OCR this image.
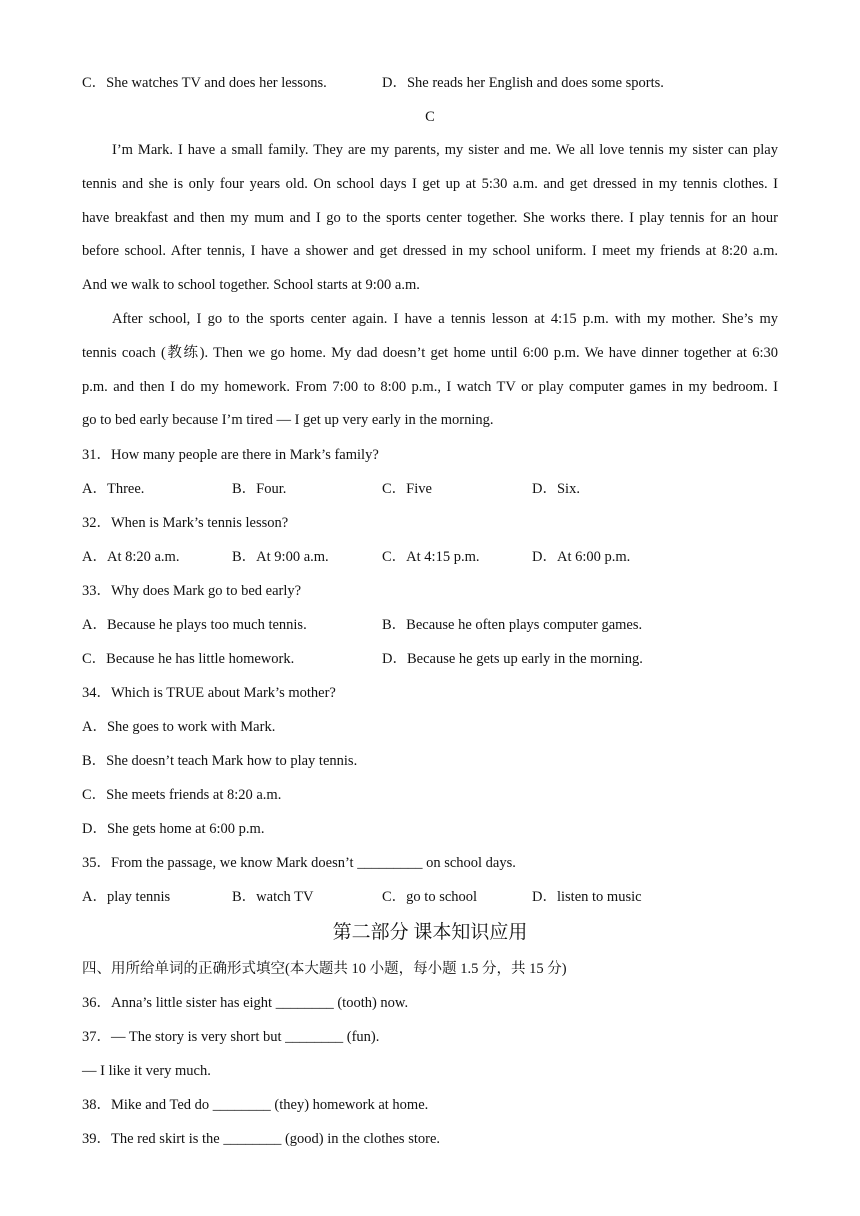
C．She watches TV and does her lessons.	D．She reads her English and does some sports.
C
I’m Mark. I have a small family. They are my parents, my sister and me. We all love tennis my sister can play
tennis and she is only four years old. On school days I get up at 5:30 a.m. and get dressed in my tennis clothes. I
have breakfast and then my mum and I go to the sports center together. She works there. I play tennis for an hour
before school. After tennis, I have a shower and get dressed in my school uniform. I meet my friends at 8:20 a.m.
And we walk to school together. School starts at 9:00 a.m.
After school, I go to the sports center again. I have a tennis lesson at 4:15 p.m. with my mother. She’s my
tennis coach (教练). Then we go home. My dad doesn’t get home until 6:00 p.m. We have dinner together at 6:30
p.m. and then I do my homework. From 7:00 to 8:00 p.m., I watch TV or play computer games in my bedroom. I
go to bed early because I’m tired — I get up very early in the morning.
31．How many people are there in Mark’s family?
A．Three.	B．Four.	C．Five	D．Six.
32．When is Mark’s tennis lesson?
A．At 8:20 a.m.	B．At 9:00 a.m.	C．At 4:15 p.m.	D．At 6:00 p.m.
33．Why does Mark go to bed early?
A．Because he plays too much tennis.	B．Because he often plays computer games.
C．Because he has little homework.	D．Because he gets up early in the morning.
34．Which is TRUE about Mark’s mother?
A．She goes to work with Mark.
B．She doesn’t teach Mark how to play tennis.
C．She meets friends at 8:20 a.m.
D．She gets home at 6:00 p.m.
35．From the passage, we know Mark doesn’t _________ on school days.
A．play tennis	B．watch TV	C．go to school	D．listen to music
第二部分 课本知识应用
四、用所给单词的正确形式填空(本大题共 10 小题，每小题 1.5 分，共 15 分)
36．Anna’s little sister has eight ________ (tooth) now.
37．— The story is very short but ________ (fun).
— I like it very much.
38．Mike and Ted do ________ (they) homework at home.
39．The red skirt is the ________ (good) in the clothes store.
